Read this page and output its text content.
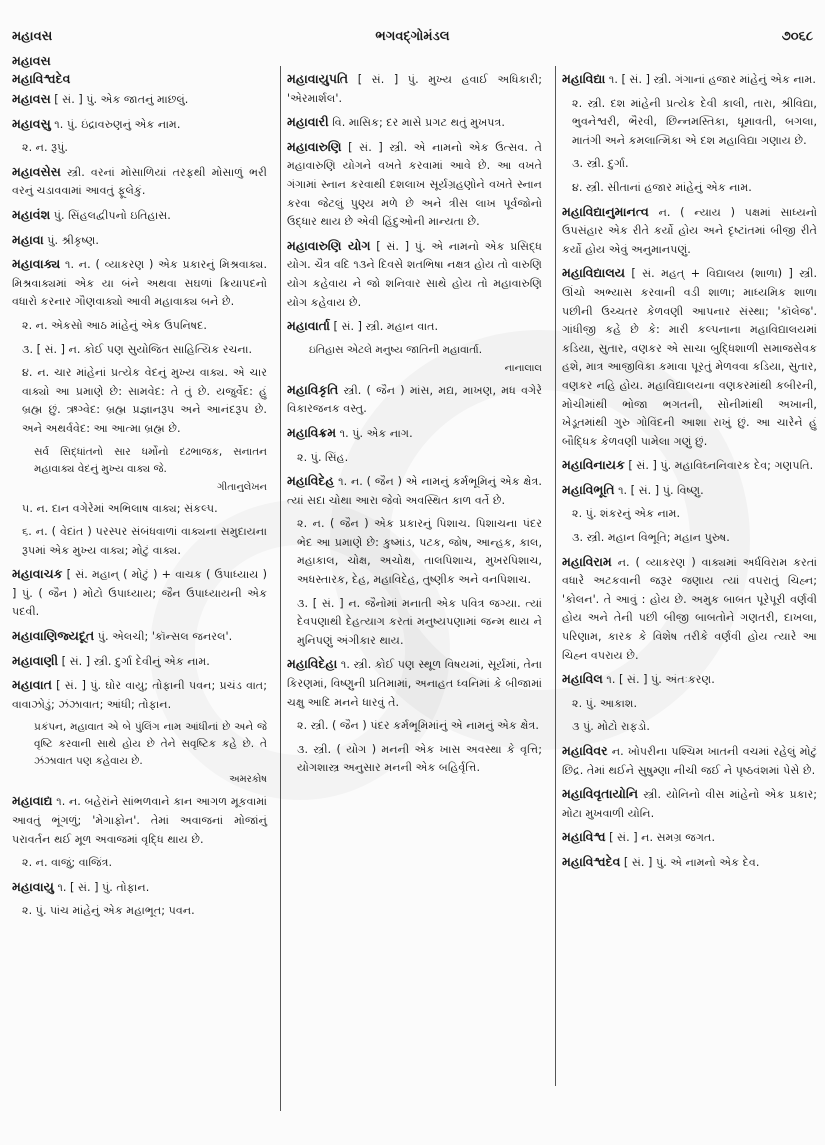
મહાવસ	ભગવદ્ગોમંડલ	૭૦૬૮
મહાવસ
મહાવિશ્વદેવ
મહાવસ [ સં. ] પું. એક જાતનું માછલું.
મહાવસુ ૧. પું. ઇંદ્રાવરુણનું એક નામ.
૨. ન. રૂપું.
મહાવસેસ સ્ત્રી. વરનાં મોસાળિયાં તરફથી મોસાળું ભરી વરનું ચડાવવામાં આવતું ફૂલેકું.
મહાવંશ પું. સિંહલદ્વીપનો ઇતિહાસ.
મહાવા પું. શ્રીકૃષ્ણ.
મહાવાક્ય ૧. ન. ( વ્યાકરણ ) એક પ્રકારનું મિશ્રવાક્ય. મિશ્રવાક્યમાં એક યા બંને અથવા સઘળાં ક્રિયાપદનો વધારો કરનાર ગૌણવાક્યો આવી મહાવાક્ય બને છે.
૨. ન. એકસો આઠ માંહેનું એક ઉપનિષદ.
૩. [ સં. ] ન. કોઈ પણ સુયોજિત સાહિત્યિક રચના.
૪. ન. ચાર માંહેનાં પ્રત્યેક વેદનું મુખ્ય વાક્ય. એ ચાર વાક્યો આ પ્રમાણે છે: સામવેદ: તે તું છે. યજુર્વેદ: હું બ્રહ્મ છું. ઋગ્વેદ: બ્રહ્મ પ્રજ્ઞાનરૂપ અને આનંદરૂપ છે. અને અથર્વવેદ: આ આત્મા બ્રહ્મ છે.
સર્વ સિદ્ધાંતનો સાર ધર્મોનો દઢભાજક, સનાતન મહાવાક્ય વેદનું મુખ્ય વાક્ય જે.
ગીતાનુલેખન
૫. ન. દાન વગેરેમાં અભિલાષ વાક્ય; સંકલ્પ.
૬. ન. ( વેદાંત ) પરસ્પર સંબંધવાળાં વાક્યના સમુદાયના રૂપમાં એક મુખ્ય વાક્ય; મોટું વાક્ય.
મહાવાચક [ સં. મહાન્ ( મોટું ) + વાચક ( ઉપાધ્યાય ) ] પું. ( જૈન ) મોટો ઉપાધ્યાય; જૈન ઉપાધ્યાયની એક પદવી.
મહાવાણિજ્યદૂત પું. એલચી; 'કૉન્સલ જનરલ'.
મહાવાણી [ સં. ] સ્ત્રી. દુર્ગા દેવીનું એક નામ.
મહાવાત [ સં. ] પું. ઘોર વાયુ; તોફાની પવન; પ્રચંડ વાત; વાવાઝોડું; ઝંઝાવાત; આંધી; તોફાન.
પ્રકંપન, મહાવાત એ બે પુંલિંગ નામ આંધીનાં છે અને જે વૃષ્ટિ કરવાની સાથે હોય છે તેને સવૃષ્ટિક કહે છે. તે ઝંઝાવાત પણ કહેવાય છે.
અમરકોષ
મહાવાદ્ય ૧. ન. બહેરાંને સાંભળવાને કાન આગળ મૂકવામાં આવતું ભૂંગળું; 'મેગાફોન'. તેમાં અવાજનાં મોજાંનું પરાવર્તન થઈ મૂળ અવાજમાં વૃદ્ધિ થાય છે.
૨. ન. વાજું; વાજિંત્ર.
મહાવાયુ ૧. [ સં. ] પું. તોફાન.
૨. પું. પાંચ માંહેનું એક મહાભૂત; પવન.
મહાવાયુપતિ [ સં. ] પું. મુખ્ય હવાઈ અધિકારી; 'એરમાર્શલ'.
મહાવારી વિ. માસિક; દર માસે પ્રગટ થતું મુખપત્ર.
મહાવારુણિ [ સં. ] સ્ત્રી. એ નામનો એક ઉત્સવ. તે મહાવારુણિ યોગને વખતે કરવામાં આવે છે. આ વખતે ગંગામાં સ્નાન કરવાથી દશલાખ સૂર્યગ્રહણોને વખતે સ્નાન કરવા જેટલું પુણ્ય મળે છે અને ત્રીસ લાખ પૂર્વજોનો ઉદ્ધાર થાય છે એવી હિંદુઓની માન્યતા છે.
મહાવારુણિ યોગ [ સં. ] પું. એ નામનો એક પ્રસિદ્ધ યોગ. ચૈત્ર વદિ ૧૩ને દિવસે શતભિષા નક્ષત્ર હોય તો વારુણિ યોગ કહેવાય ને જો શનિવાર સાથે હોય તો મહાવારુણિ યોગ કહેવાય છે.
મહાવાર્તા [ સં. ] સ્ત્રી. મહાન વાત.
ઇતિહાસ એટલે મનુષ્ય જાતિની મહાવાર્તા.
નાનાલાલ
મહાવિકૃતિ સ્ત્રી. ( જૈન ) માંસ, મદ્ય, માખણ, મધ વગેરે વિકારજનક વસ્તુ.
મહાવિક્રમ ૧. પું. એક નાગ.
૨. પું. સિંહ.
મહાવિદેહ ૧. ન. ( જૈન ) એ નામનું કર્મભૂમિનું એક ક્ષેત્ર. ત્યાં સદા ચોથા આરા જેવો અવસ્થિત કાળ વર્તે છે.
૨. ન. ( જૈન ) એક પ્રકારનું પિશાચ. પિશાચના પંદર ભેદ આ પ્રમાણે છે: કુષ્માંડ, પટક, જોષ, આન્હક, કાલ, મહાકાલ, ચોક્ષ, અચોક્ષ, તાલપિશાચ, મુખરપિશાચ, અધસ્તારક, દેહ, મહાવિદેહ, તુષ્ણીક અને વનપિશાચ.
૩. [ સં. ] ન. જૈનોમાં મનાતી એક પવિત્ર જગ્યા. ત્યાં દેવપણાથી દેહત્યાગ કરતાં મનુષ્યપણામાં જન્મ થાય ને મુનિપણું અંગીકાર થાય.
મહાવિદેહા ૧. સ્ત્રી. કોઈ પણ સ્થૂળ વિષયમાં, સૂર્યમાં, તેના કિરણમાં, વિષ્ણુની પ્રતિમામાં, અનાહત ધ્વનિમાં કે બીજામાં ચક્ષુ આદિ મનને ધારવું તે.
૨. સ્ત્રી. ( જૈન ) પંદર કર્મભૂમિમાંનું એ નામનું એક ક્ષેત્ર.
૩. સ્ત્રી. ( યોગ ) મનની એક ખાસ અવસ્થા કે વૃત્તિ; યોગશાસ્ત્ર અનુસાર મનની એક બહિર્વૃત્તિ.
મહાવિદ્યા ૧. [ સં. ] સ્ત્રી. ગંગાનાં હજાર માંહેનું એક નામ.
૨. સ્ત્રી. દશ માંહેની પ્રત્યેક દેવી કાલી, તારા, શ્રીવિદ્યા, ભુવનેશ્વરી, ભૈરવી, છિન્નમસ્તિકા, ધૂમાવતી, બગલા, માતંગી અને કમલાત્મિકા એ દશ મહાવિદ્યા ગણાય છે.
૩. સ્ત્રી. દુર્ગા.
૪. સ્ત્રી. સીતાનાં હજાર માંહેનું એક નામ.
મહાવિદ્યાનુમાનત્વ ન. ( ન્યાય ) પક્ષમાં સાધ્યનો ઉપસંહાર એક રીતે કર્યો હોય અને દૃષ્ટાંતમાં બીજી રીતે કર્યો હોય એવું અનુમાનપણું.
મહાવિદ્યાલય [ સં. મહત્ + વિદ્યાલય (શાળા) ] સ્ત્રી. ઊંચો અભ્યાસ કરવાની વડી શાળા; માધ્યમિક શાળા પછીની ઉચ્ચતર કેળવણી આપનાર સંસ્થા; 'કૉલેજ'. ગાંધીજી કહે છે કે: મારી કલ્પનાના મહાવિદ્યાલયમાં કડિયા, સુતાર, વણકર એ સાચા બુદ્ધિશાળી સમાજસેવક હશે, માત્ર આજીવિકા કમાવા પૂરતું મેળવવા કડિયા, સુતાર, વણકર નહિ હોય. મહાવિદ્યાલયના વણકરમાંથી કબીરની, મોચીમાંથી ભોજા ભગતની, સોનીમાંથી અખાની, ખેડૂતમાંથી ગુરુ ગોવિંદની આશા રાખું છું. આ ચારેને હું બૌદ્ધિક કેળવણી પામેલા ગણું છું.
મહાવિનાયક [ સં. ] પું. મહાવિઘ્નનિવારક દેવ; ગણપતિ.
મહાવિભૂતિ ૧. [ સં. ] પું. વિષ્ણુ.
૨. પું. શંકરનું એક નામ.
૩. સ્ત્રી. મહાન વિભૂતિ; મહાન પુરુષ.
મહાવિરામ ન. ( વ્યાકરણ ) વાક્યમાં અર્ધવિરામ કરતાં વધારે અટકવાની જરૂર જણાય ત્યાં વપરાતું ચિહ્ન; 'કોલન'. તે આવું : હોય છે. અમુક બાબત પૂરેપૂરી વર્ણવી હોય અને તેની પછી બીજી બાબતોને ગણતરી, દાખલા, પરિણામ, કારક કે વિશેષ તરીકે વર્ણવી હોય ત્યારે આ ચિહ્ન વપરાય છે.
મહાવિલ ૧. [ સં. ] પું. અંતઃકરણ.
૨. પું. આકાશ.
૩ પું. મોટો રાફડો.
મહાવિવર ન. ખોપરીના પશ્ચિમ ખાતની વચમાં રહેલું મોટું છિદ્ર. તેમાં થઈને સુષુમ્ણા નીચી જઈ ને પૃષ્ઠવંશમાં પેસે છે.
મહાવિવૃતાયોનિ સ્ત્રી. યોનિનો વીસ માંહેનો એક પ્રકાર; મોટા મુખવાળી યોનિ.
મહાવિશ્વ [ સં. ] ન. સમગ્ર જગત.
મહાવિશ્વદેવ [ સં. ] પું. એ નામનો એક દેવ.
